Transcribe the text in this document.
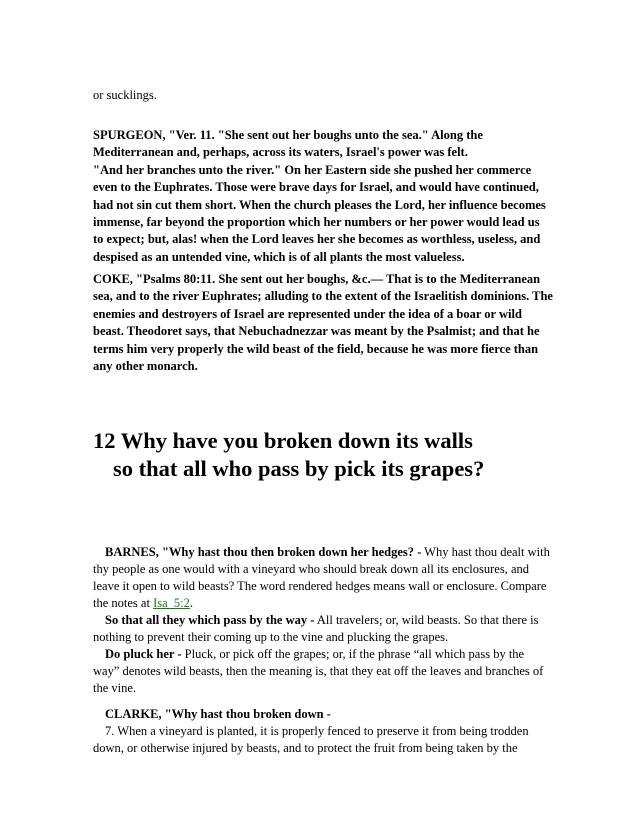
or sucklings.

SPURGEON, "Ver. 11. "She sent out her boughs unto the sea." Along the Mediterranean and, perhaps, across its waters, Israel's power was felt.

"And her branches unto the river." On her Eastern side she pushed her commerce even to the Euphrates. Those were brave days for Israel, and would have continued, had not sin cut them short. When the church pleases the Lord, her influence becomes immense, far beyond the proportion which her numbers or her power would lead us to expect; but, alas! when the Lord leaves her she becomes as worthless, useless, and despised as an untended vine, which is of all plants the most valueless.

COKE, "Psalms 80:11. She sent out her boughs, &c.— That is to the Mediterranean sea, and to the river Euphrates; alluding to the extent of the Israelitish dominions. The enemies and destroyers of Israel are represented under the idea of a boar or wild beast. Theodoret says, that Nebuchadnezzar was meant by the Psalmist; and that he terms him very properly the wild beast of the field, because he was more fierce than any other monarch.

12 Why have you broken down its walls

so that all who pass by pick its grapes?

BARNES, "Why hast thou then broken down her hedges? - Why hast thou dealt with thy people as one would with a vineyard who should break down all its enclosures, and leave it open to wild beasts? The word rendered hedges means wall or enclosure. Compare the notes at Isa_5:2.

So that all they which pass by the way - All travelers; or, wild beasts. So that there is nothing to prevent their coming up to the vine and plucking the grapes.

Do pluck her - Pluck, or pick off the grapes; or, if the phrase “all which pass by the way” denotes wild beasts, then the meaning is, that they eat off the leaves and branches of the vine.

CLARKE, "Why hast thou broken down -

7. When a vineyard is planted, it is properly fenced to preserve it from being trodden down, or otherwise injured by beasts, and to protect the fruit from being taken by the
